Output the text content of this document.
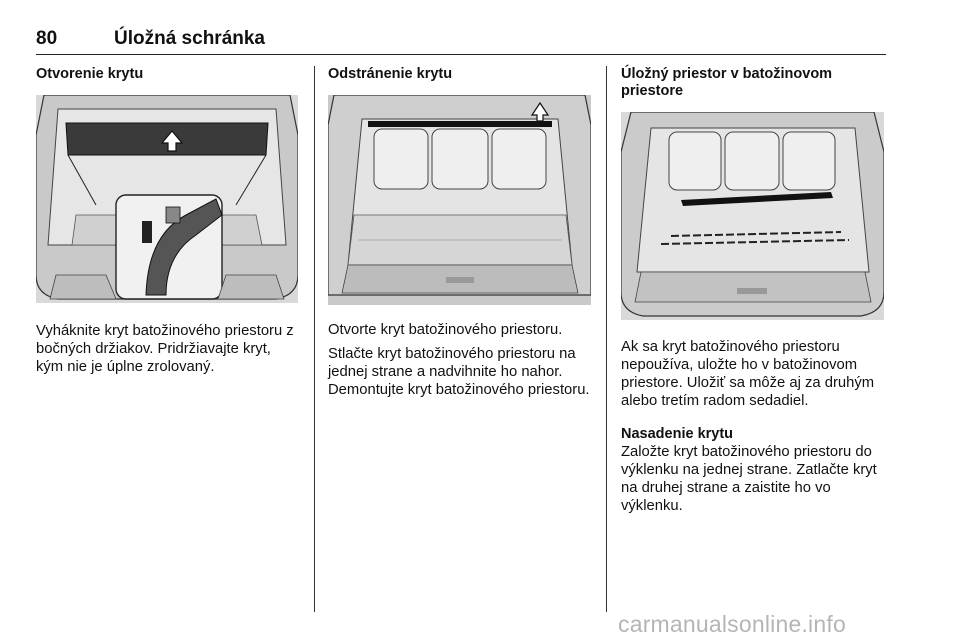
80	Úložná schránka

Otvorenie krytu

Vyháknite kryt batožinového priestoru z bočných držiakov. Pridržiavajte kryt, kým nie je úplne zrolovaný.

Odstránenie krytu

Otvorte kryt batožinového priestoru.

Stlačte kryt batožinového priestoru na jednej strane a nadvihnite ho nahor. Demontujte kryt batožinového priestoru.

Úložný priestor v batožinovom priestore

Ak sa kryt batožinového priestoru nepoužíva, uložte ho v batožinovom priestore. Uložiť sa môže aj za druhým alebo tretím radom sedadiel.

Nasadenie krytu

Založte kryt batožinového priestoru do výklenku na jednej strane. Zatlačte kryt na druhej strane a zaistite ho vo výklenku.

carmanualsonline.info
